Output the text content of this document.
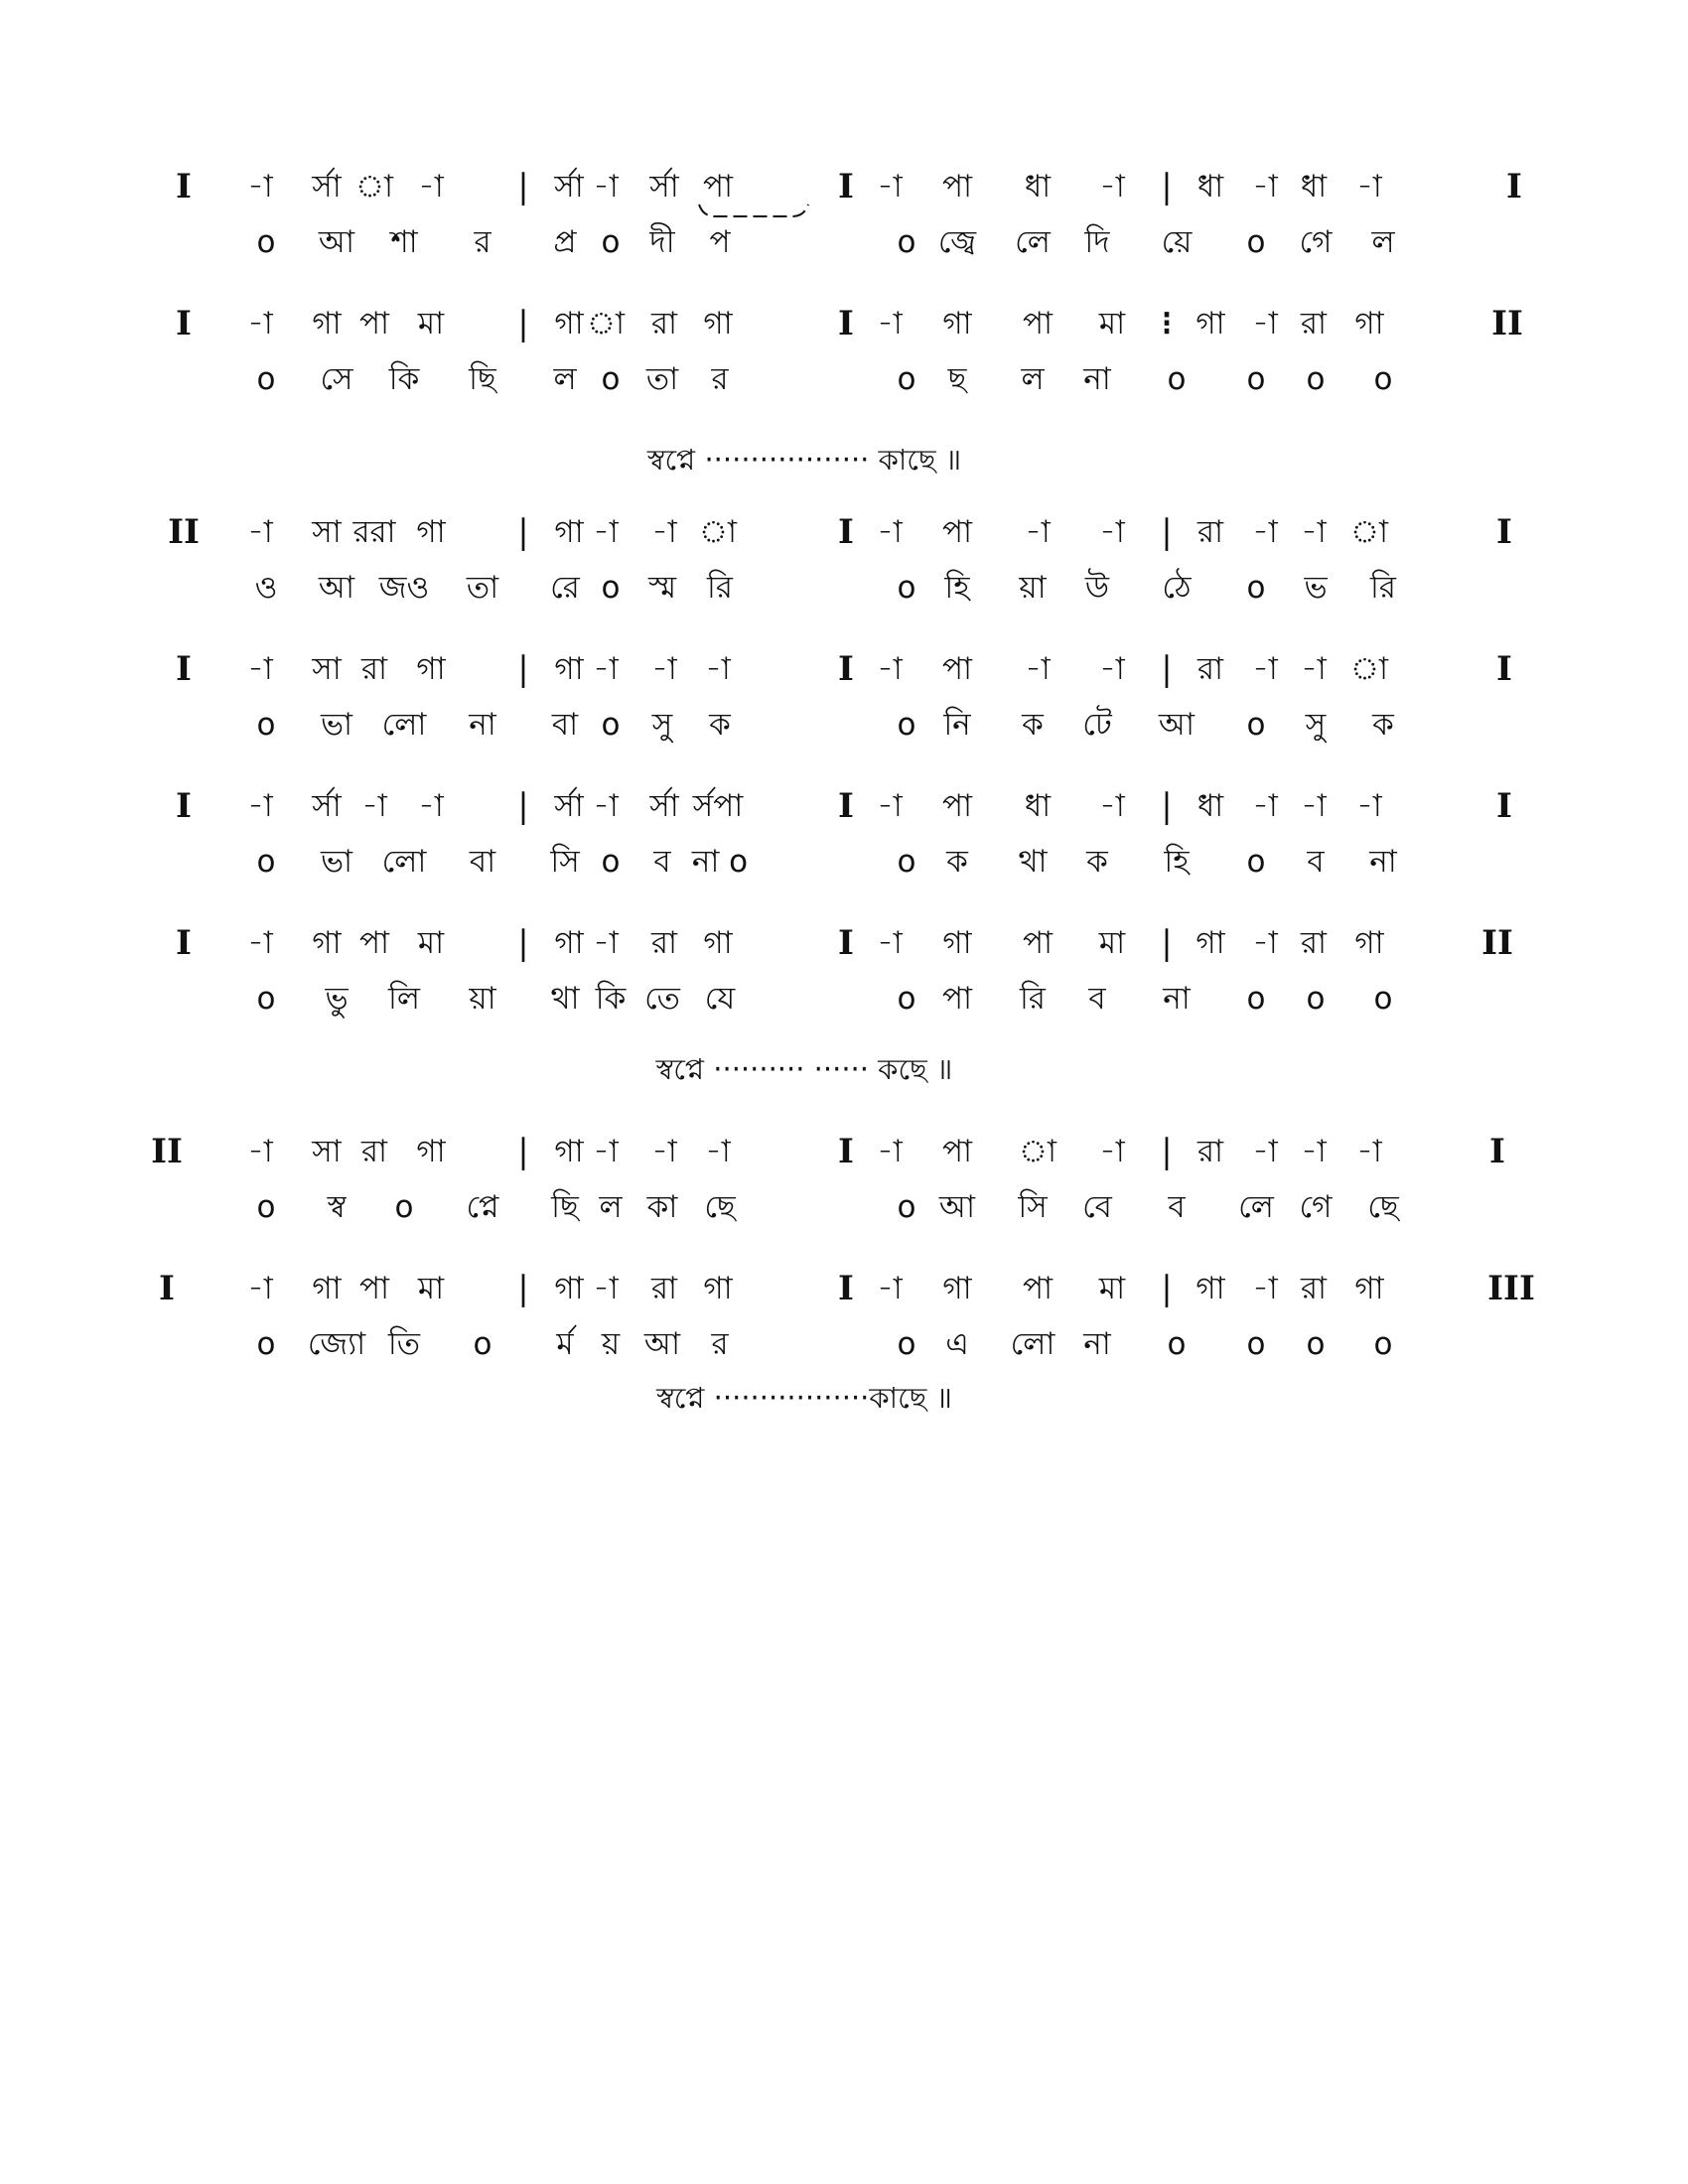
I -া র্সা া -া | র্সা -া র্সা পা	I -া পা ধা -া | ধা -া ধা -া	I
o আ শা র প্র o দী প	o জ্বে লে দি য়ে o গে ল
I -া গা পা মা | গা া রা গা	I -া গা পা মা ⁝ গা -া রা গা	II
o সে কি ছি ল o তা র	o ছ ল না o o o o
II -া সা ররা গা | গা -া -া া	I -া পা -া -া | রা -া -া া	I
ও আ জও তা রে o স্ম রি	o হি য়া উ ঠে o ভ রি
I -া সা রা গা | গা -া -া -া	I -া পা -া -া | রা -া -া া	I
o ভা লো না বা o সু ক	o নি ক টে আ o সু ক
I -া র্সা -া -া | র্সা -া র্সা র্সপা	I -া পা ধা -া | ধা -া -া -া	I
o ভা লো বা সি o ব না o	o ক থা ক হি o ব না
I -া গা পা মা | গা -া রা গা	I -া গা পা মা | গা -া রা গা	II
o ভু লি য়া থা কি তে যে	o পা রি ব না o o o
II -া সা রা গা | গা -া -া -া	I -া পা া -া | রা -া -া -া	I
o স্ব o প্নে ছি ল কা ছে	o আ সি বে ব লে গে ছে
I -া গা পা মা | গা -া রা গা	I -া গা পা মা | গা -া রা গা	III
o জ্যো তি o র্ম য় আ র	o এ লো না o o o o
স্বপ্নে ·················· কাছে ॥
স্বপ্নে ·········· ······ কছে ॥
স্বপ্নে ·················কাছে ॥
